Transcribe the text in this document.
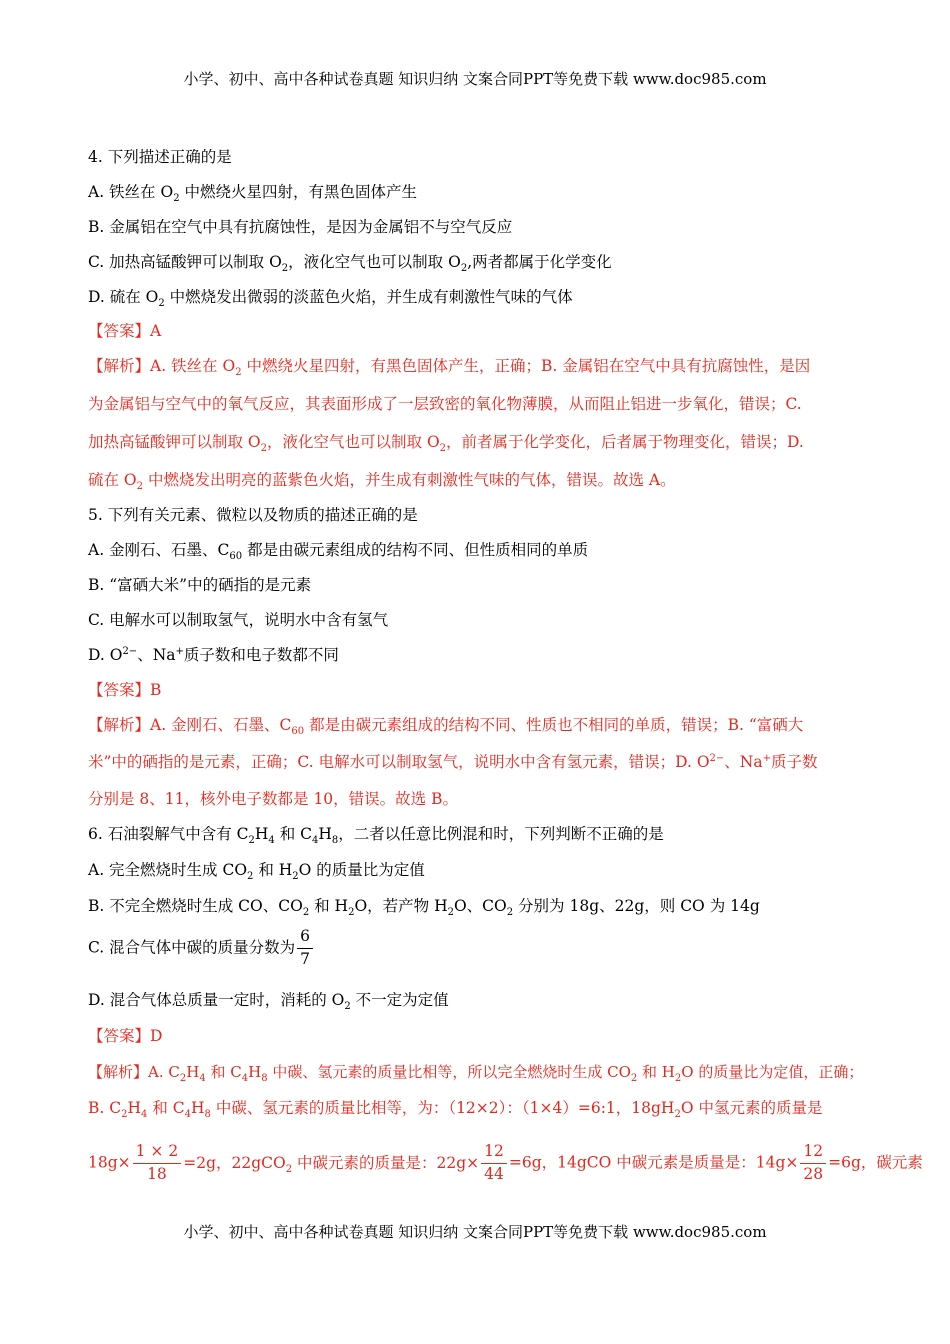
小学、初中、高中各种试卷真题 知识归纳 文案合同PPT等免费下载 www.doc985.com
4. 下列描述正确的是
A. 铁丝在 $O_2$ 中燃绕火星四射，有黑色固体产生
B. 金属铝在空气中具有抗腐蚀性，是因为金属铝不与空气反应
C. 加热高锰酸钾可以制取 $O_2$，液化空气也可以制取 $O_2$,两者都属于化学变化
D. 硫在 $O_2$ 中燃烧发出微弱的淡蓝色火焰，并生成有刺激性气味的气体
【答案】A
【解析】A. 铁丝在 $O_2$ 中燃绕火星四射，有黑色固体产生，正确；B. 金属铝在空气中具有抗腐蚀性，是因
为金属铝与空气中的氧气反应，其表面形成了一层致密的氧化物薄膜，从而阻止铝进一步氧化，错误；C.
加热高锰酸钾可以制取 $O_2$，液化空气也可以制取 $O_2$，前者属于化学变化，后者属于物理变化，错误；D.
硫在 $O_2$ 中燃烧发出明亮的蓝紫色火焰，并生成有刺激性气味的气体，错误。故选 A。
5. 下列有关元素、微粒以及物质的描述正确的是
A. 金刚石、石墨、$C_{60}$ 都是由碳元素组成的结构不同、但性质相同的单质
B. “富硒大米”中的硒指的是元素
C. 电解水可以制取氢气，说明水中含有氢气
D. $O^{2-}$、Na+质子数和电子数都不同
【答案】B
【解析】A. 金刚石、石墨、$C_{60}$ 都是由碳元素组成的结构不同、性质也不相同的单质，错误；B. “富硒大
米”中的硒指的是元素，正确；C. 电解水可以制取氢气，说明水中含有氢元素，错误；D. $O^{2-}$、Na+质子数
分别是 8、11，核外电子数都是 10，错误。故选 B。
6. 石油裂解气中含有 $C_2H_4$ 和 $C_4H_8$，二者以任意比例混和时，下列判断不正确的是
A. 完全燃烧时生成 $CO_2$ 和 $H_2O$ 的质量比为定值
B. 不完全燃烧时生成 CO、$CO_2$ 和 $H_2O$，若产物 $H_2O$、$CO_2$ 分别为 18g、22g，则 CO 为 14g
C. 混合气体中碳的质量分数为 $\frac{6}{7}$
D. 混合气体总质量一定时，消耗的 $O_2$ 不一定为定值
【答案】D
【解析】A. $C_2H_4$ 和 $C_4H_8$ 中碳、氢元素的质量比相等，所以完全燃烧时生成 $CO_2$ 和 $H_2O$ 的质量比为定值，正确；
B. $C_2H_4$ 和 $C_4H_8$ 中碳、氢元素的质量比相等，为：（12×2）：（1×4）=6:1，$18gH_2O$ 中氢元素的质量是
$18g\times \frac{1 \times 2}{18} =2g$，22gCO$_2$ 中碳元素的质量是：$22g\times \frac{12}{44} =6g$，14gCO 中碳元素是质量是：$14g\times \frac{12}{28} =6g$，碳元素
小学、初中、高中各种试卷真题 知识归纳 文案合同PPT等免费下载 www.doc985.com
